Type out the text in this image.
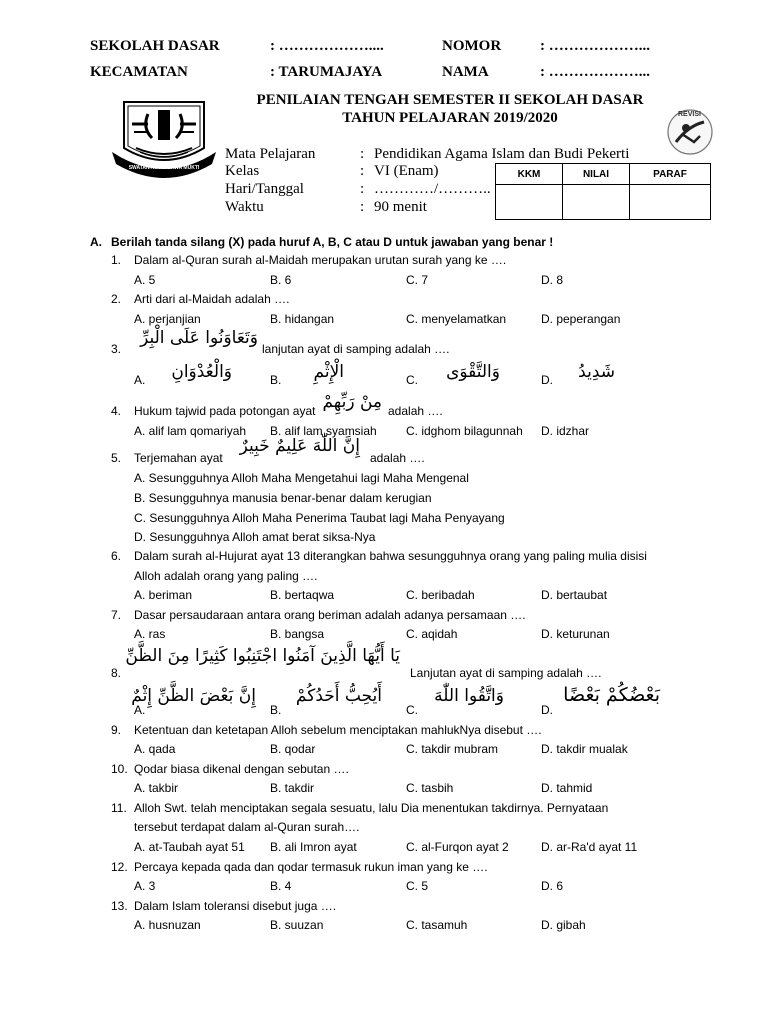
SEKOLAH DASAR	: ………………....	NOMOR	: ………………...
KECAMATAN	: TARUMAJAYA	NAMA	: ………………...
SWATANTRA WIBAWA MUKTI
REVISI
PENILAIAN TENGAH SEMESTER II SEKOLAH DASAR
TAHUN PELAJARAN 2019/2020
Mata Pelajaran	: Pendidikan Agama Islam dan Budi Pekerti
Kelas	: VI (Enam)
Hari/Tanggal	: …………/………..
Waktu	: 90 menit
KKM	NILAI	PARAF

A. Berilah tanda silang (X) pada huruf A, B, C atau D untuk jawaban yang benar !
1. Dalam al-Quran surah al-Maidah merupakan urutan surah yang ke ….
A. 5	B. 6	C. 7	D. 8
2. Arti dari al-Maidah adalah ….
A. perjanjian	B. hidangan	C. menyelamatkan	D. peperangan
3.
وَتَعَاوَنُوا عَلَى الْبِرِّ
lanjutan ayat di samping adalah ….
A.	وَالْعُدْوَانِ	B.	الْإِثْمِ	C.	وَالتَّقْوَى	D.	شَدِيدُ
4. Hukum tajwid pada potongan ayat مِنْ رَبِّهِمْ adalah ….
A. alif lam qomariyah B. alif lam syamsiah C. idghom bilagunnah D. idzhar
5. Terjemahan ayat
إِنَّ اللّٰهَ عَلِيمٌ خَبِيرٌ
adalah ….
A. Sesungguhnya Alloh Maha Mengetahui lagi Maha Mengenal
B. Sesungguhnya manusia benar-benar dalam kerugian
C. Sesungguhnya Alloh Maha Penerima Taubat lagi Maha Penyayang
D. Sesungguhnya Alloh amat berat siksa-Nya
6. Dalam surah al-Hujurat ayat 13 diterangkan bahwa sesungguhnya orang yang paling mulia disisi
Alloh adalah orang yang paling ….
A. beriman	B. bertaqwa	C. beribadah	D. bertaubat
7. Dasar persaudaraan antara orang beriman adalah adanya persamaan ….
A. ras	B. bangsa	C. aqidah	D. keturunan
8.
يَا أَيُّهَا الَّذِينَ آمَنُوا اجْتَنِبُوا كَثِيرًا مِنَ الظَّنِّ
Lanjutan ayat di samping adalah ….
A.
إِنَّ بَعْضَ الظَّنِّ إِثْمٌ
B.
أَيُحِبُّ أَحَدُكُمْ
C.
وَاتَّقُوا اللّٰهَ
D.
بَعْضُكُمْ بَعْضًا
9. Ketentuan dan ketetapan Alloh sebelum menciptakan mahlukNya disebut ….
A. qada	B. qodar	C. takdir mubram	D. takdir mualak
10. Qodar biasa dikenal dengan sebutan ….
A. takbir	B. takdir	C. tasbih	D. tahmid
11. Alloh Swt. telah menciptakan segala sesuatu, lalu Dia menentukan takdirnya. Pernyataan
tersebut terdapat dalam al-Quran surah….
A. at-Taubah ayat 51 B. ali Imron ayat	C. al-Furqon ayat 2	D. ar-Ra'd ayat 11
12. Percaya kepada qada dan qodar termasuk rukun iman yang ke ….
A. 3	B. 4	C. 5	D. 6
13. Dalam Islam toleransi disebut juga ….
A. husnuzan	B. suuzan	C. tasamuh	D. gibah
